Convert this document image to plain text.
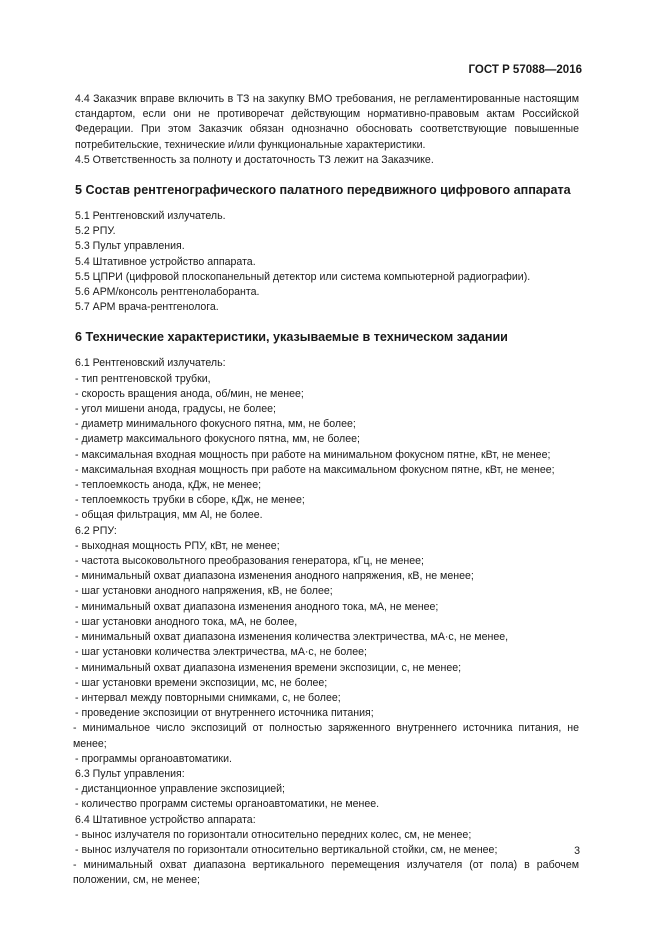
ГОСТ Р 57088—2016

4.4 Заказчик вправе включить в ТЗ на закупку ВМО требования, не регламентированные настоящим стандартом, если они не противоречат действующим нормативно-правовым актам Российской Федерации. При этом Заказчик обязан однозначно обосновать соответствующие повышенные потребительские, технические и/или функциональные характеристики.

4.5 Ответственность за полноту и достаточность ТЗ лежит на Заказчике.

5 Состав рентгенографического палатного передвижного цифрового аппарата
5.1 Рентгеновский излучатель.
5.2 РПУ.
5.3 Пульт управления.
5.4 Штативное устройство аппарата.
5.5 ЦПРИ (цифровой плоскопанельный детектор или система компьютерной радиографии).
5.6 АРМ/консоль рентгенолаборанта.
5.7 АРМ врача-рентгенолога.
6 Технические характеристики, указываемые в техническом задании
6.1 Рентгеновский излучатель:
- тип рентгеновской трубки,
- скорость вращения анода, об/мин, не менее;
- угол мишени анода, градусы, не более;
- диаметр минимального фокусного пятна, мм, не более;
- диаметр максимального фокусного пятна, мм, не более;
- максимальная входная мощность при работе на минимальном фокусном пятне, кВт, не менее;
- максимальная входная мощность при работе на максимальном фокусном пятне, кВт, не менее;
- теплоемкость анода, кДж, не менее;
- теплоемкость трубки в сборе, кДж, не менее;
- общая фильтрация, мм Al, не более.
6.2 РПУ:
- выходная мощность РПУ, кВт, не менее;
- частота высоковольтного преобразования генератора, кГц, не менее;
- минимальный охват диапазона изменения анодного напряжения, кВ, не менее;
- шаг установки анодного напряжения, кВ, не более;
- минимальный охват диапазона изменения анодного тока, мА, не менее;
- шаг установки анодного тока, мА, не более,
- минимальный охват диапазона изменения количества электричества, мА·с, не менее,
- шаг установки количества электричества, мА·с, не более;
- минимальный охват диапазона изменения времени экспозиции, с, не менее;
- шаг установки времени экспозиции, мс, не более;
- интервал между повторными снимками, с, не более;
- проведение экспозиции от внутреннего источника питания;
- минимальное число экспозиций от полностью заряженного внутреннего источника питания, не менее;
- программы органоавтоматики.
6.3 Пульт управления:
- дистанционное управление экспозицией;
- количество программ системы органоавтоматики, не менее.
6.4 Штативное устройство аппарата:
- вынос излучателя по горизонтали относительно передних колес, см, не менее;
- вынос излучателя по горизонтали относительно вертикальной стойки, см, не менее;
- минимальный охват диапазона вертикального перемещения излучателя (от пола) в рабочем положении, см, не менее;
3
